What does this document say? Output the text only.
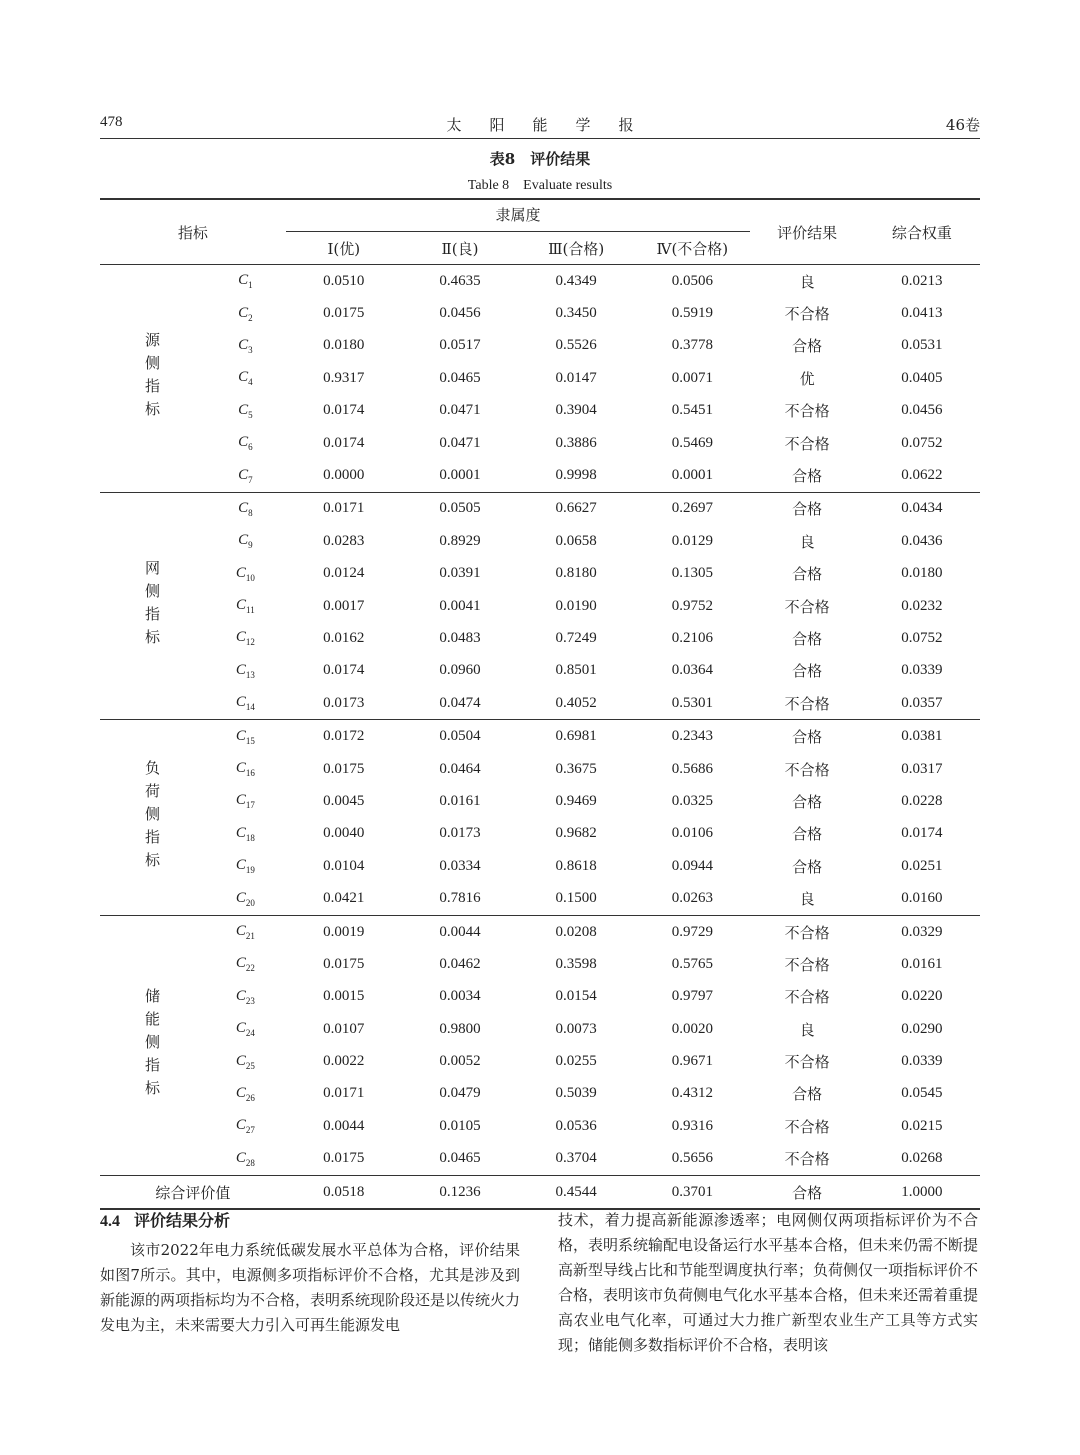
478	太阳能学报	46卷
表8　评价结果
Table 8　Evaluate results
指标		隶属度				评价结果	综合权重
		Ⅰ(优)	Ⅱ(良)	Ⅲ(合格)	Ⅳ(不合格)		
源侧指标	$C_1$	0.0510	0.4635	0.4349	0.0506	良	0.0213
	$C_2$	0.0175	0.0456	0.3450	0.5919	不合格	0.0413
	$C_3$	0.0180	0.0517	0.5526	0.3778	合格	0.0531
	$C_4$	0.9317	0.0465	0.0147	0.0071	优	0.0405
	$C_5$	0.0174	0.0471	0.3904	0.5451	不合格	0.0456
	$C_6$	0.0174	0.0471	0.3886	0.5469	不合格	0.0752
	$C_7$	0.0000	0.0001	0.9998	0.0001	合格	0.0622
网侧指标	$C_8$	0.0171	0.0505	0.6627	0.2697	合格	0.0434
	$C_9$	0.0283	0.8929	0.0658	0.0129	良	0.0436
	$C_{10}$	0.0124	0.0391	0.8180	0.1305	合格	0.0180
	$C_{11}$	0.0017	0.0041	0.0190	0.9752	不合格	0.0232
	$C_{12}$	0.0162	0.0483	0.7249	0.2106	合格	0.0752
	$C_{13}$	0.0174	0.0960	0.8501	0.0364	合格	0.0339
	$C_{14}$	0.0173	0.0474	0.4052	0.5301	不合格	0.0357
负荷侧指标	$C_{15}$	0.0172	0.0504	0.6981	0.2343	合格	0.0381
	$C_{16}$	0.0175	0.0464	0.3675	0.5686	不合格	0.0317
	$C_{17}$	0.0045	0.0161	0.9469	0.0325	合格	0.0228
	$C_{18}$	0.0040	0.0173	0.9682	0.0106	合格	0.0174
	$C_{19}$	0.0104	0.0334	0.8618	0.0944	合格	0.0251
	$C_{20}$	0.0421	0.7816	0.1500	0.0263	良	0.0160
储能侧指标	$C_{21}$	0.0019	0.0044	0.0208	0.9729	不合格	0.0329
	$C_{22}$	0.0175	0.0462	0.3598	0.5765	不合格	0.0161
	$C_{23}$	0.0015	0.0034	0.0154	0.9797	不合格	0.0220
	$C_{24}$	0.0107	0.9800	0.0073	0.0020	良	0.0290
	$C_{25}$	0.0022	0.0052	0.0255	0.9671	不合格	0.0339
	$C_{26}$	0.0171	0.0479	0.5039	0.4312	合格	0.0545
	$C_{27}$	0.0044	0.0105	0.0536	0.9316	不合格	0.0215
	$C_{28}$	0.0175	0.0465	0.3704	0.5656	不合格	0.0268
综合评价值		0.0518	0.1236	0.4544	0.3701	合格	1.0000
4.4 评价结果分析
该市2022年电力系统低碳发展水平总体为合格，评价结果如图7所示。其中，电源侧多项指标评价不合格，尤其是涉及到新能源的两项指标均为不合格，表明系统现阶段还是以传统火力发电为主，未来需要大力引入可再生能源发电
技术，着力提高新能源渗透率；电网侧仅两项指标评价为不合格，表明系统输配电设备运行水平基本合格，但未来仍需不断提高新型导线占比和节能型调度执行率；负荷侧仅一项指标评价不合格，表明该市负荷侧电气化水平基本合格，但未来还需着重提高农业电气化率，可通过大力推广新型农业生产工具等方式实现；储能侧多数指标评价不合格，表明该
